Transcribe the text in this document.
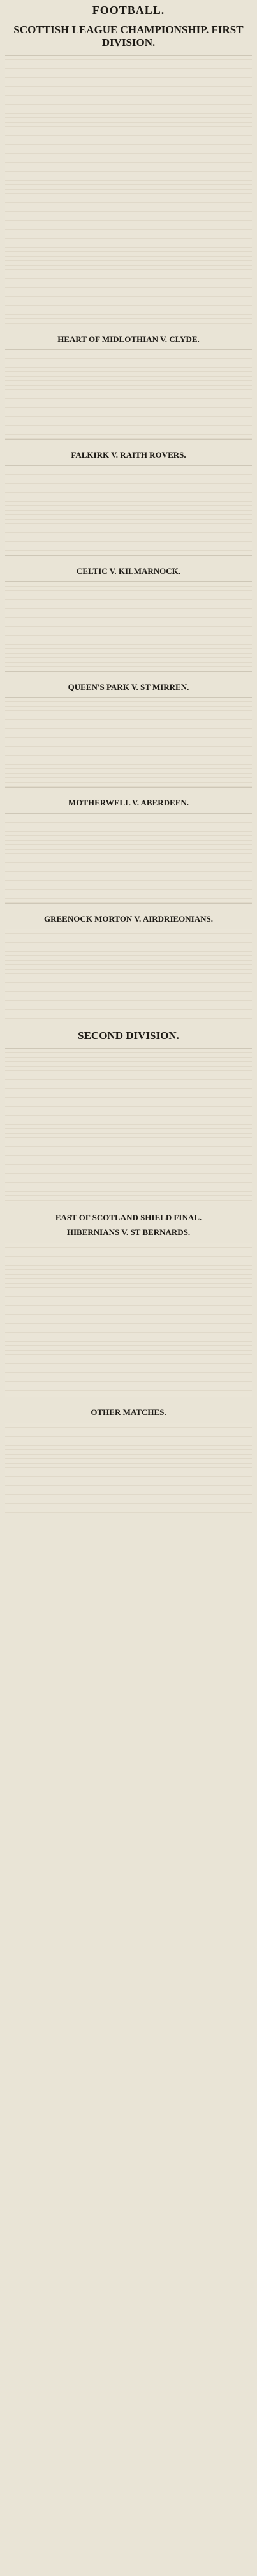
FOOTBALL.
SCOTTISH LEAGUE CHAMPIONSHIP. FIRST DIVISION.
HEART OF MIDLOTHIAN V. CLYDE.
FALKIRK V. RAITH ROVERS.
CELTIC V. KILMARNOCK.
QUEEN'S PARK V. ST MIRREN.
MOTHERWELL V. ABERDEEN.
GREENOCK MORTON V. AIRDRIEONIANS.
SECOND DIVISION.
EAST OF SCOTLAND SHIELD FINAL.
HIBERNIANS V. ST BERNARDS.
OTHER MATCHES.
